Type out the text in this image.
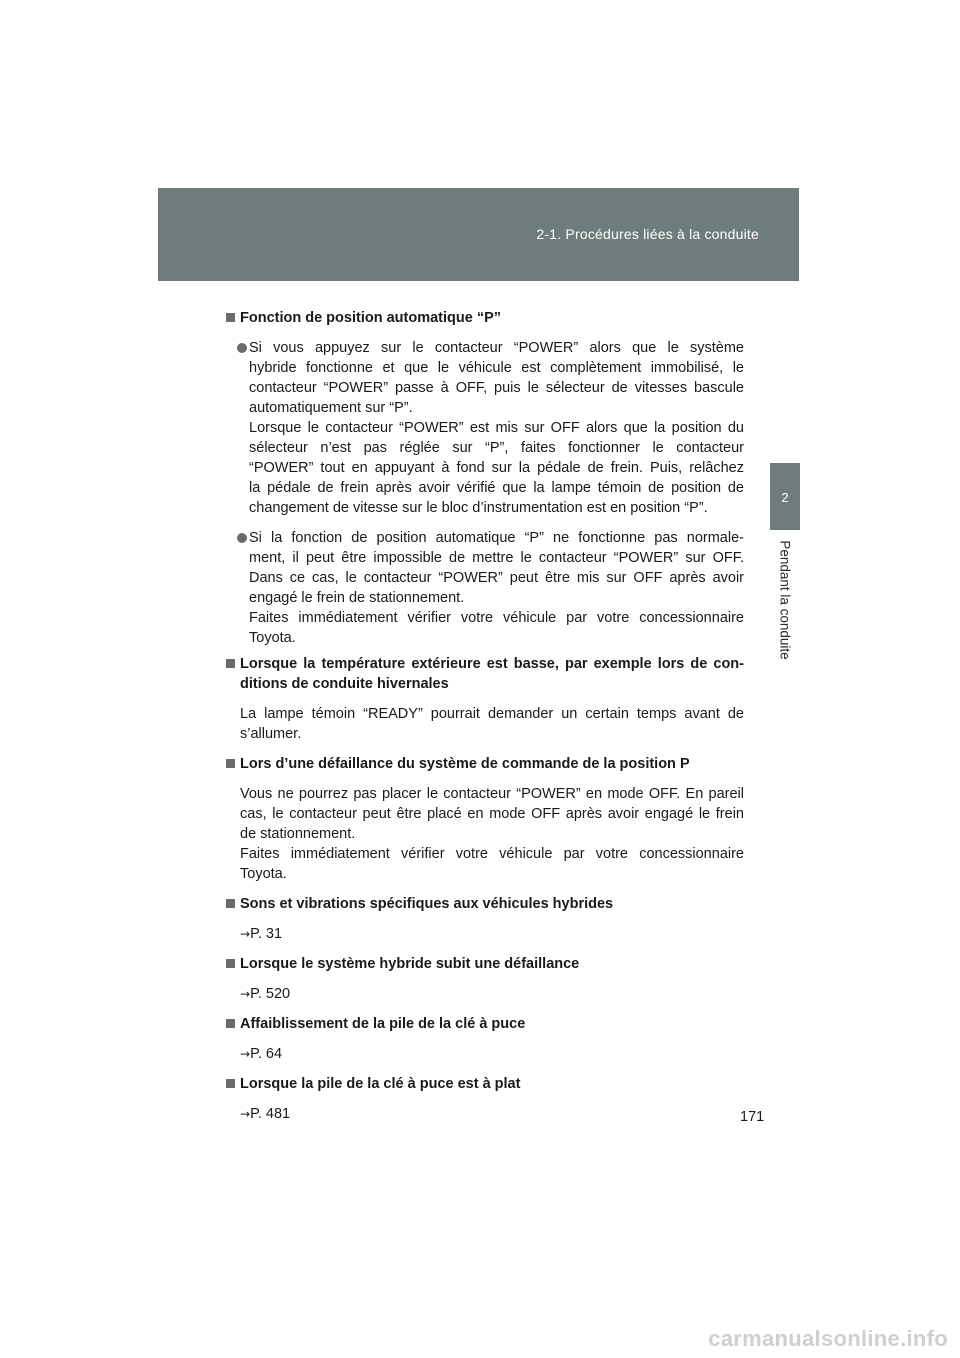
2-1. Procédures liées à la conduite
2
Pendant la conduite

Fonction de position automatique “P”

Si vous appuyez sur le contacteur “POWER” alors que le système
hybride fonctionne et que le véhicule est complètement immobilisé, le
contacteur “POWER” passe à OFF, puis le sélecteur de vitesses bascule
automatiquement sur “P”.
Lorsque le contacteur “POWER” est mis sur OFF alors que la position du
sélecteur n’est pas réglée sur “P”, faites fonctionner le contacteur
“POWER” tout en appuyant à fond sur la pédale de frein. Puis, relâchez
la pédale de frein après avoir vérifié que la lampe témoin de position de
changement de vitesse sur le bloc d’instrumentation est en position “P”.
Si la fonction de position automatique “P” ne fonctionne pas normale-
ment, il peut être impossible de mettre le contacteur “POWER” sur OFF.
Dans ce cas, le contacteur “POWER” peut être mis sur OFF après avoir
engagé le frein de stationnement.
Faites immédiatement vérifier votre véhicule par votre concessionnaire
Toyota.

Lorsque la température extérieure est basse, par exemple lors de con-
ditions de conduite hivernales

La lampe témoin “READY” pourrait demander un certain temps avant de
s’allumer.

Lors d’une défaillance du système de commande de la position P

Vous ne pourrez pas placer le contacteur “POWER” en mode OFF. En pareil
cas, le contacteur peut être placé en mode OFF après avoir engagé le frein
de stationnement.
Faites immédiatement vérifier votre véhicule par votre concessionnaire
Toyota.

Sons et vibrations spécifiques aux véhicules hybrides

→P. 31

Lorsque le système hybride subit une défaillance

→P. 520

Affaiblissement de la pile de la clé à puce

→P. 64

Lorsque la pile de la clé à puce est à plat

→P. 481	171
carmanualsonline.info
